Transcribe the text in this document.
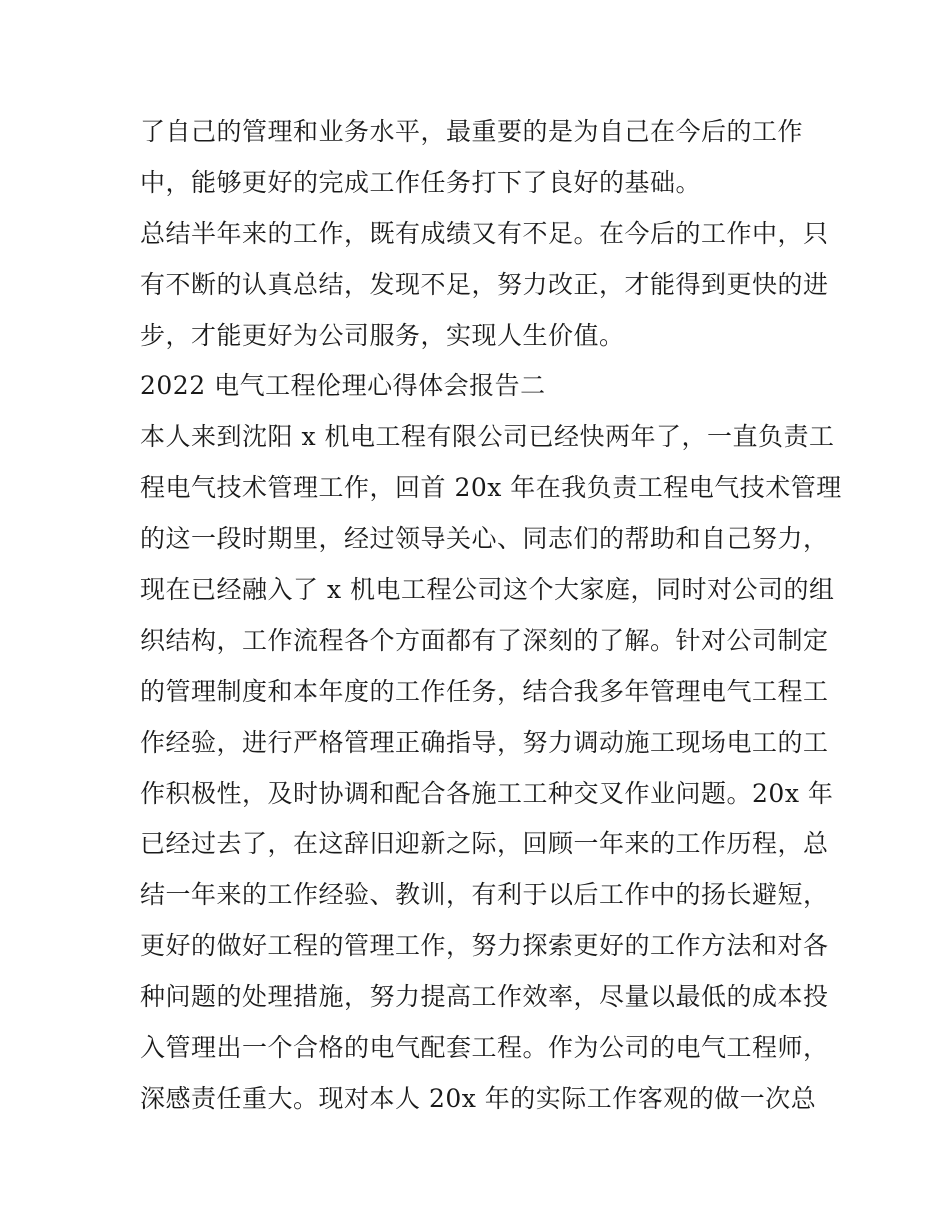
了自己的管理和业务水平，最重要的是为自己在今后的工作
中，能够更好的完成工作任务打下了良好的基础。
总结半年来的工作，既有成绩又有不足。在今后的工作中，只
有不断的认真总结，发现不足，努力改正，才能得到更快的进
步，才能更好为公司服务，实现人生价值。
2022 电气工程伦理心得体会报告二
本人来到沈阳 x 机电工程有限公司已经快两年了，一直负责工
程电气技术管理工作，回首 20x 年在我负责工程电气技术管理
的这一段时期里，经过领导关心、同志们的帮助和自己努力，
现在已经融入了 x 机电工程公司这个大家庭，同时对公司的组
织结构，工作流程各个方面都有了深刻的了解。针对公司制定
的管理制度和本年度的工作任务，结合我多年管理电气工程工
作经验，进行严格管理正确指导，努力调动施工现场电工的工
作积极性，及时协调和配合各施工工种交叉作业问题。20x 年
已经过去了，在这辞旧迎新之际，回顾一年来的工作历程，总
结一年来的工作经验、教训，有利于以后工作中的扬长避短，
更好的做好工程的管理工作，努力探索更好的工作方法和对各
种问题的处理措施，努力提高工作效率，尽量以最低的成本投
入管理出一个合格的电气配套工程。作为公司的电气工程师，
深感责任重大。现对本人 20x 年的实际工作客观的做一次总
